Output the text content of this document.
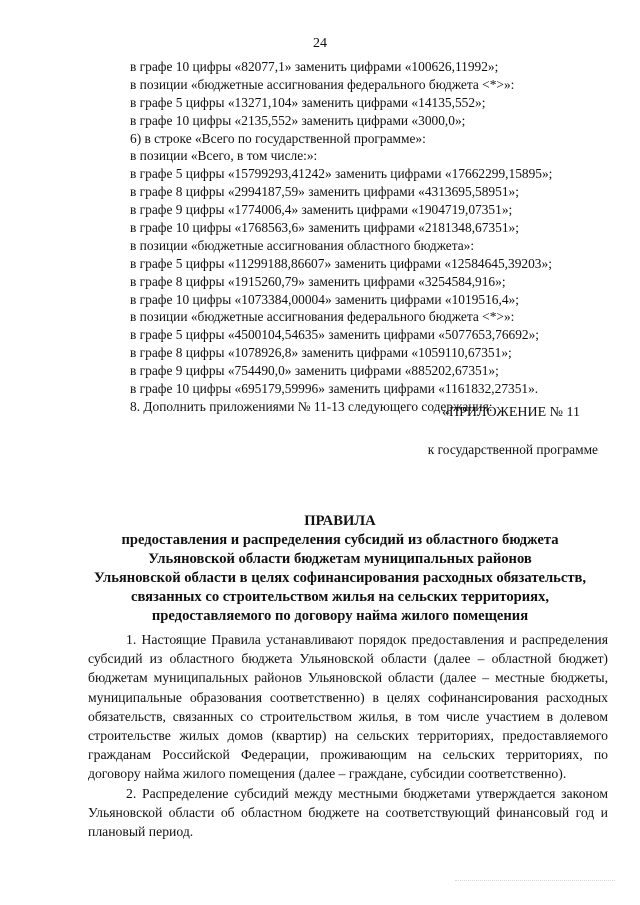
24
в графе 10 цифры «82077,1» заменить цифрами «100626,11992»;
в позиции «бюджетные ассигнования федерального бюджета <*>»:
в графе 5 цифры «13271,104» заменить цифрами «14135,552»;
в графе 10 цифры «2135,552» заменить цифрами «3000,0»;
6) в строке «Всего по государственной программе»:
в позиции «Всего, в том числе:»:
в графе 5 цифры «15799293,41242» заменить цифрами «17662299,15895»;
в графе 8 цифры «2994187,59» заменить цифрами «4313695,58951»;
в графе 9 цифры «1774006,4» заменить цифрами «1904719,07351»;
в графе 10 цифры «1768563,6» заменить цифрами «2181348,67351»;
в позиции «бюджетные ассигнования областного бюджета»:
в графе 5 цифры «11299188,86607» заменить цифрами «12584645,39203»;
в графе 8 цифры «1915260,79» заменить цифрами «3254584,916»;
в графе 10 цифры «1073384,00004» заменить цифрами «1019516,4»;
в позиции «бюджетные ассигнования федерального бюджета <*>»:
в графе 5 цифры «4500104,54635» заменить цифрами «5077653,76692»;
в графе 8 цифры «1078926,8» заменить цифрами «1059110,67351»;
в графе 9 цифры «754490,0» заменить цифрами «885202,67351»;
в графе 10 цифры «695179,59996» заменить цифрами «1161832,27351».
8. Дополнить приложениями № 11-13 следующего содержания:
«ПРИЛОЖЕНИЕ № 11
к государственной программе
ПРАВИЛА
предоставления и распределения субсидий из областного бюджета
Ульяновской области бюджетам муниципальных районов
Ульяновской области в целях софинансирования расходных обязательств,
связанных со строительством жилья на сельских территориях,
предоставляемого по договору найма жилого помещения

1. Настоящие Правила устанавливают порядок предоставления и распределения субсидий из областного бюджета Ульяновской области (далее – областной бюджет) бюджетам муниципальных районов Ульяновской области (далее – местные бюджеты, муниципальные образования соответственно) в целях софинансирования расходных обязательств, связанных со строительством жилья, в том числе участием в долевом строительстве жилых домов (квартир) на сельских территориях, предоставляемого гражданам Российской Федерации, проживающим на сельских территориях, по договору найма жилого помещения (далее – граждане, субсидии соответственно).

2. Распределение субсидий между местными бюджетами утверждается законом Ульяновской области об областном бюджете на соответствующий финансовый год и плановый период.
